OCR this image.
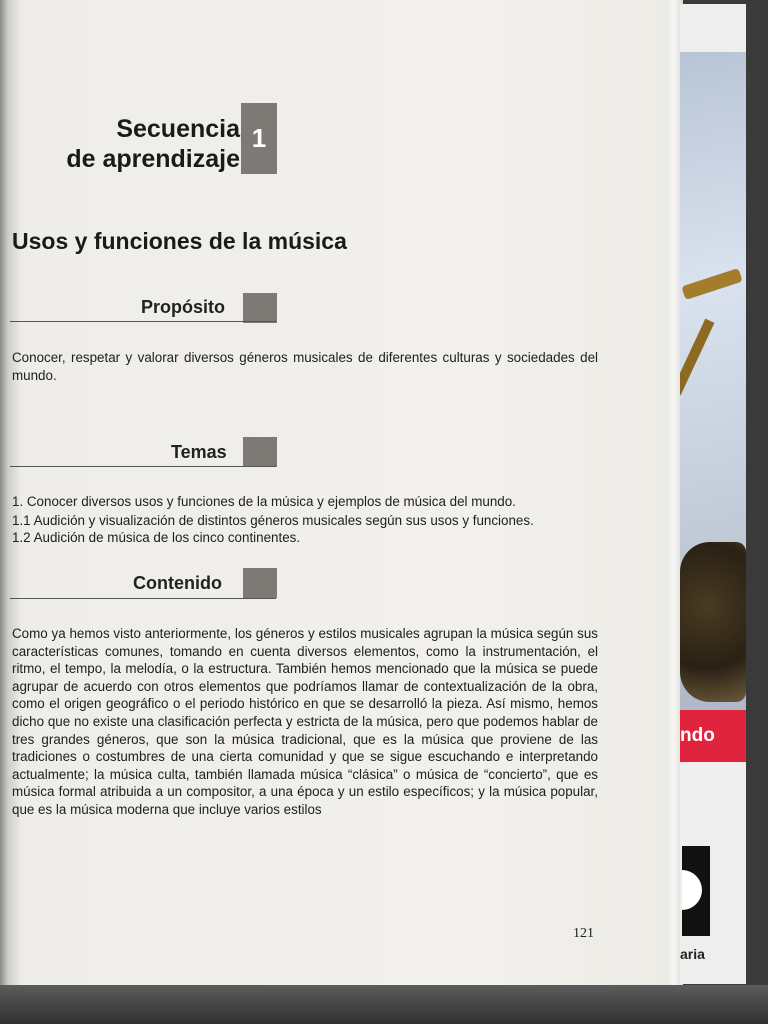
Secuencia
de aprendizaje
1
Usos y funciones de la música
Propósito
Conocer, respetar y valorar diversos géneros musicales de diferentes culturas y sociedades del mundo.
Temas
1. Conocer diversos usos y funciones de la música y ejemplos de música del mundo.
1.1 Audición y visualización de distintos géneros musicales según sus usos y funciones.
1.2 Audición de música de los cinco continentes.
Contenido
Como ya hemos visto anteriormente, los géneros y estilos musicales agrupan la música según sus características comunes, tomando en cuenta diversos elementos, como la instrumentación, el ritmo, el tempo, la melodía, o la estructura. También hemos mencionado que la música se puede agrupar de acuerdo con otros elementos que podríamos llamar de contextualización de la obra, como el origen geográfico o el periodo histórico en que se desarrolló la pieza. Así mismo, hemos dicho que no existe una clasificación perfecta y estricta de la música, pero que podemos hablar de tres grandes géneros, que son la música tradicional, que es la música que proviene de las tradiciones o costumbres de una cierta comunidad y que se sigue escuchando e interpretando actualmente; la música culta, también llamada música “clásica” o música de “concierto”, que es música formal atribuida a un compositor, a una época y un estilo específicos; y la música popular, que es la música moderna que incluye varios estilos
121
ndo
aria
